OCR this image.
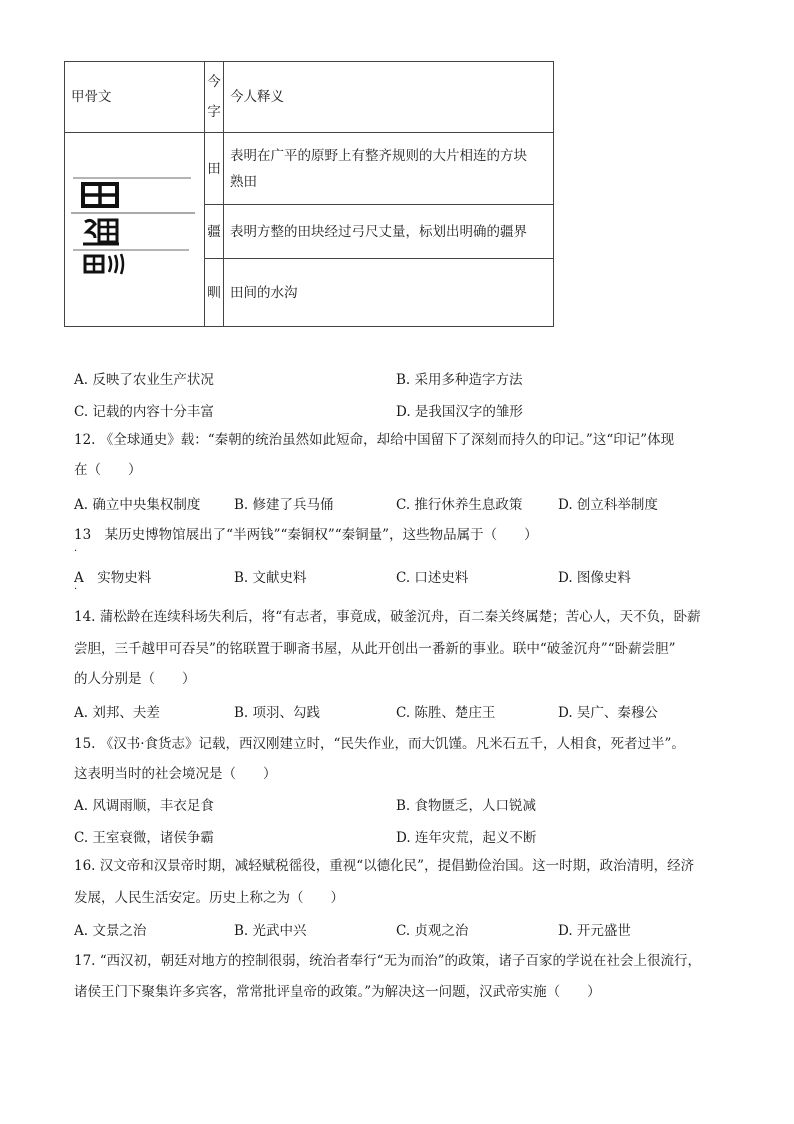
甲骨文	今字	今人释义
	田	表明在广平的原野上有整齐规则的大片相连的方块熟田
	疆	表明方整的田块经过弓尺丈量，标划出明确的疆界
	甽	田间的水沟
A. 反映了农业生产状况	B. 采用多种造字方法
C. 记载的内容十分丰富	D. 是我国汉字的雏形
12. 《全球通史》载：“秦朝的统治虽然如此短命，却给中国留下了深刻而持久的印记。”这“印记”体现
在（　　）
A. 确立中央集权制度 B. 修建了兵马俑	C. 推行休养生息政策	D. 创立科举制度
13　某历史博物馆展出了“半两钱”“秦铜权”“秦铜量”，这些物品属于（　　）
·
A　实物史料	B. 文献史料	C. 口述史料	D. 图像史料
·
14. 蒲松龄在连续科场失利后，将“有志者，事竟成，破釜沉舟，百二秦关终属楚；苦心人，天不负，卧薪
尝胆，三千越甲可吞吴”的铭联置于聊斋书屋，从此开创出一番新的事业。联中“破釜沉舟”“卧薪尝胆”
的人分别是（　　）
A. 刘邦、夫差	B. 项羽、勾践	C. 陈胜、楚庄王	D. 吴广、秦穆公
15. 《汉书·食货志》记载，西汉刚建立时，“民失作业，而大饥馑。凡米石五千，人相食，死者过半”。
这表明当时的社会境况是（　　）
A. 风调雨顺，丰衣足食	B. 食物匮乏，人口锐减
C. 王室衰微，诸侯争霸	D. 连年灾荒，起义不断
16. 汉文帝和汉景帝时期，减轻赋税徭役，重视“以德化民”，提倡勤俭治国。这一时期，政治清明，经济
发展，人民生活安定。历史上称之为（　　）
A. 文景之治	B. 光武中兴	C. 贞观之治	D. 开元盛世
17. “西汉初，朝廷对地方的控制很弱，统治者奉行“无为而治”的政策，诸子百家的学说在社会上很流行，
诸侯王门下聚集许多宾客，常常批评皇帝的政策。”为解决这一问题，汉武帝实施（　　）
